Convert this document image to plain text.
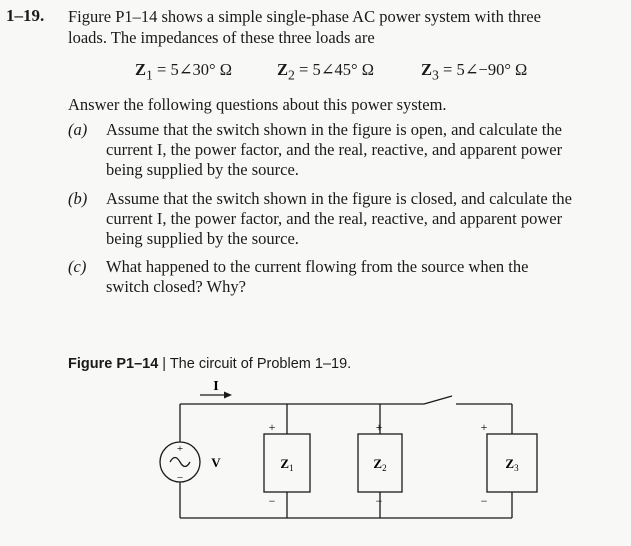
1–19. Figure P1–14 shows a simple single-phase AC power system with three
loads. The impedances of these three loads are
$Z_1$ = 5∠30° Ω	$Z_2$ = 5∠45° Ω	$Z_3$ = 5∠−90° Ω
Answer the following questions about this power system.
(a) Assume that the switch shown in the figure is open, and calculate the
current I, the power factor, and the real, reactive, and apparent power
being supplied by the source.
(b) Assume that the switch shown in the figure is closed, and calculate the
current I, the power factor, and the real, reactive, and apparent power
being supplied by the source.
(c) What happened to the current flowing from the source when the
switch closed? Why?
Figure P1–14 | The circuit of Problem 1–19.
I
V
+
−
+
−
+
−
+
−
$Z_1$	$Z_2$	$Z_3$
